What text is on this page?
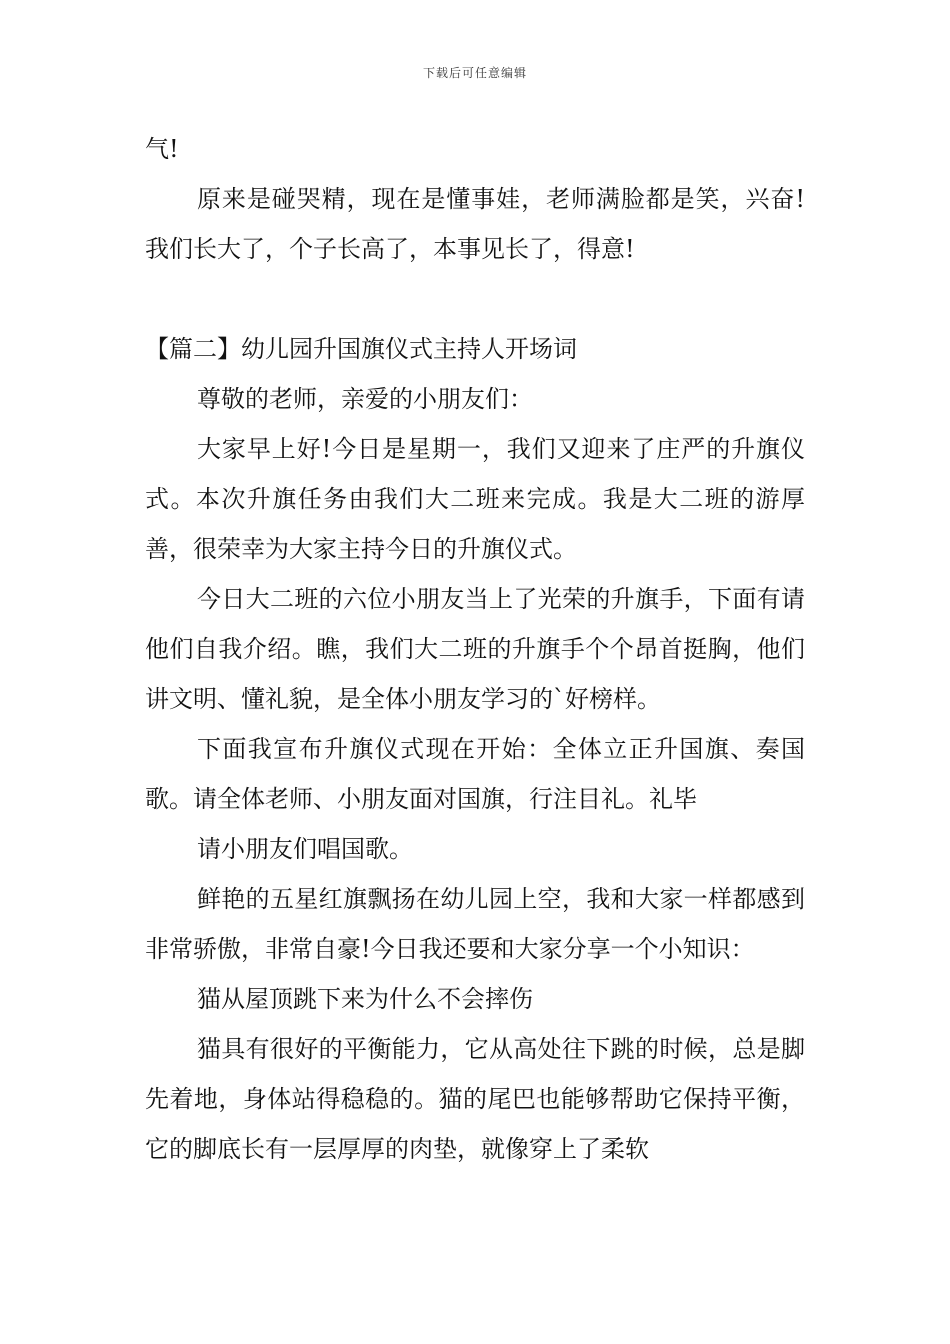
下载后可任意编辑

气!

原来是碰哭精，现在是懂事娃，老师满脸都是笑，兴奋!我们长大了，个子长高了，本事见长了，得意!

【篇二】幼儿园升国旗仪式主持人开场词

尊敬的老师，亲爱的小朋友们：

大家早上好!今日是星期一，我们又迎来了庄严的升旗仪式。本次升旗任务由我们大二班来完成。我是大二班的游厚善，很荣幸为大家主持今日的升旗仪式。

今日大二班的六位小朋友当上了光荣的升旗手，下面有请他们自我介绍。瞧，我们大二班的升旗手个个昂首挺胸，他们讲文明、懂礼貌，是全体小朋友学习的`好榜样。

下面我宣布升旗仪式现在开始：全体立正升国旗、奏国歌。请全体老师、小朋友面对国旗，行注目礼。礼毕

请小朋友们唱国歌。

鲜艳的五星红旗飘扬在幼儿园上空，我和大家一样都感到非常骄傲，非常自豪!今日我还要和大家分享一个小知识：

猫从屋顶跳下来为什么不会摔伤

猫具有很好的平衡能力，它从高处往下跳的时候，总是脚先着地，身体站得稳稳的。猫的尾巴也能够帮助它保持平衡，它的脚底长有一层厚厚的肉垫，就像穿上了柔软
